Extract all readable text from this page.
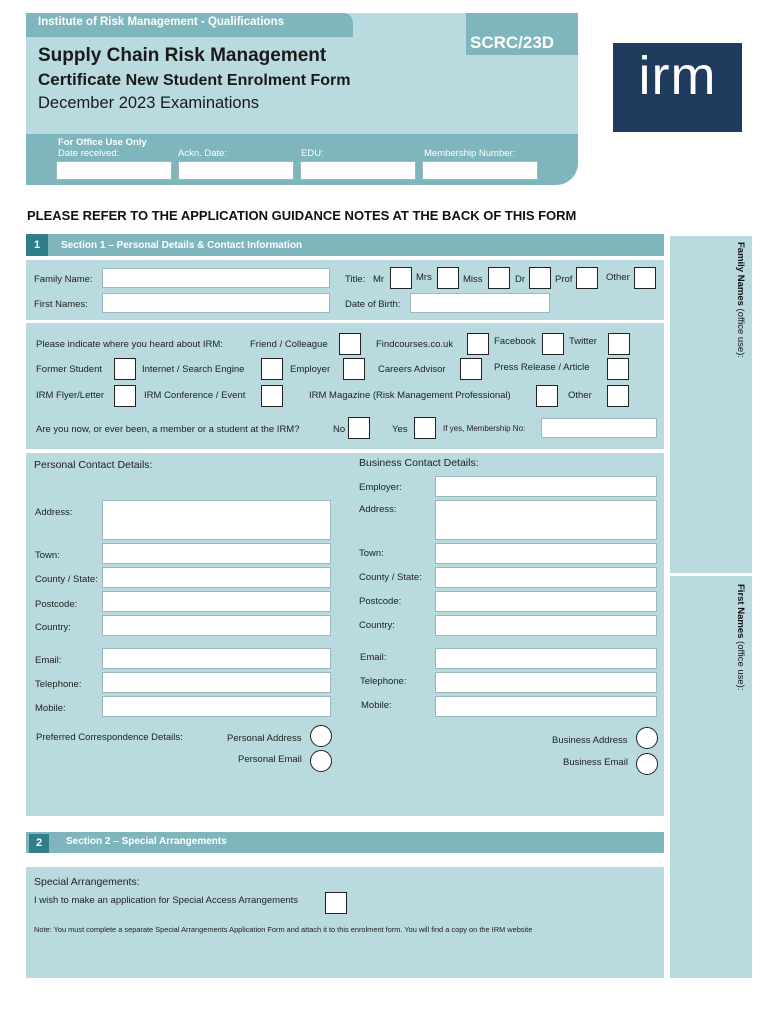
Institute of Risk Management - Qualifications
SCRC/23D
Supply Chain Risk Management
Certificate New Student Enrolment Form
December 2023 Examinations
For Office Use Only
Date received:	Ackn. Date:	EDU:	Membership Number:
irm
PLEASE REFER TO THE APPLICATION GUIDANCE NOTES AT THE BACK OF THIS FORM
Family Names (office use):
First Names (office use):
1	Section 1 – Personal Details & Contact Information
Family Name:
First Names:
Title: Mr	Mrs	Miss	Dr	Prof	Other
Date of Birth:
Please indicate where you heard about IRM:	Friend / Colleague	Findcourses.co.uk	Facebook	Twitter
Former Student	Internet / Search Engine	Employer	Careers Advisor	Press Release / Article
IRM Flyer/Letter	IRM Conference / Event	IRM Magazine (Risk Management Professional)	Other
Are you now, or ever been, a member or a student at the IRM?	No	Yes	If yes, Membership No:
Personal Contact Details:	Business Contact Details:
Employer:
Address:	Address:
Town:	Town:
County / State:	County / State:
Postcode:	Postcode:
Country:	Country:
Email:	Email:
Telephone:	Telephone:
Mobile:	Mobile:
Preferred Correspondence Details:	Personal Address
Personal Email
Business Address
Business Email
2	Section 2 – Special Arrangements
Special Arrangements:
I wish to make an application for Special Access Arrangements
Note: You must complete a separate Special Arrangements Application Form and attach it to this enrolment form. You will find a copy on the IRM website
